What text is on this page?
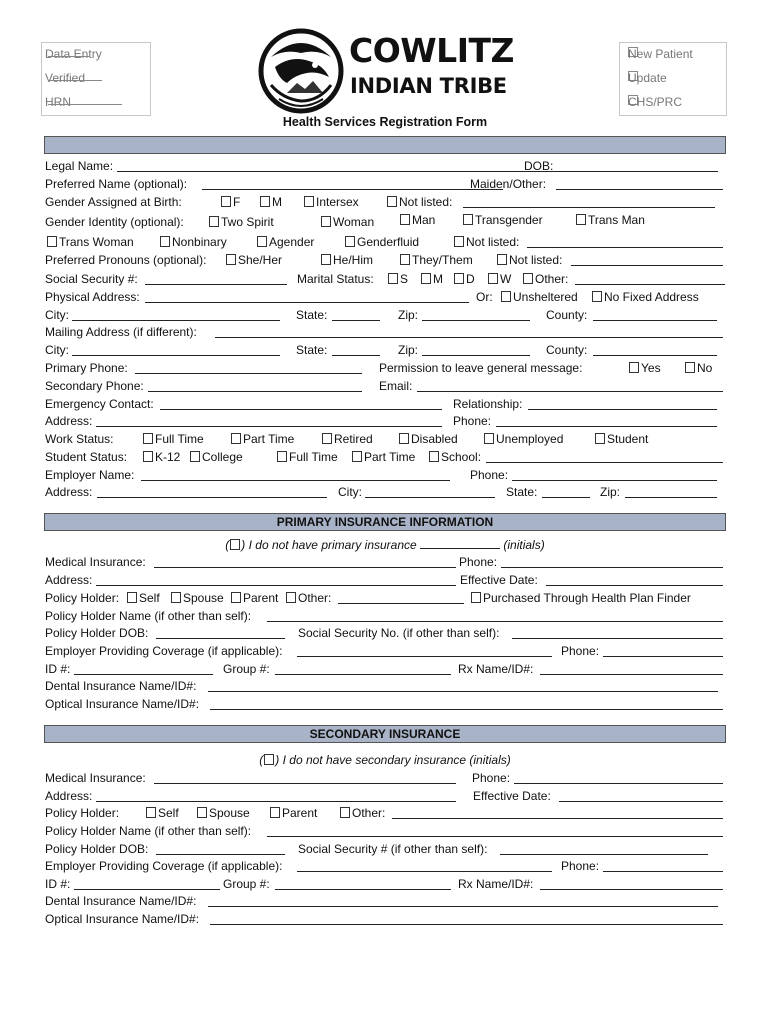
Data Entry
Verified
HRN
COWLITZ
INDIAN TRIBE
New Patient
Update
CHS/PRC
Health Services Registration Form
Legal Name:	DOB:
Preferred Name (optional):	Maiden/Other:
Gender Assigned at Birth:	F	M	Intersex	Not listed:
Gender Identity (optional):	Two Spirit	Woman	Man	Transgender	Trans Man
Trans Woman	Nonbinary	Agender	Genderfluid	Not listed:
Preferred Pronouns (optional):	She/Her	He/Him	They/Them	Not listed:
Social Security #:	Marital Status:	S	M	D	W	Other:
Physical Address:	Or:	Unsheltered	No Fixed Address
City:	State:	Zip:	County:
Mailing Address (if different):
City:	State:	Zip:	County:
Primary Phone:	Permission to leave general message:	Yes	No
Secondary Phone:	Email:
Emergency Contact:	Relationship:
Address:	Phone:
Work Status:	Full Time	Part Time	Retired	Disabled	Unemployed	Student
Student Status:	K-12	College	Full Time	Part Time	School:
Employer Name:	Phone:
Address:	City:	State:	Zip:
PRIMARY INSURANCE INFORMATION
( ) I do not have primary insurance	(initials)
Medical Insurance:	Phone:
Address:	Effective Date:
Policy Holder:	Self	Spouse	Parent	Other:	Purchased Through Health Plan Finder
Policy Holder Name (if other than self):
Policy Holder DOB:	Social Security No. (if other than self):
Employer Providing Coverage (if applicable):	Phone:
ID #:	Group #:	Rx Name/ID#:
Dental Insurance Name/ID#:
Optical Insurance Name/ID#:
SECONDARY INSURANCE
( ) I do not have secondary insurance (initials)
Medical Insurance:	Phone:
Address:	Effective Date:
Policy Holder:	Self	Spouse	Parent	Other:
Policy Holder Name (if other than self):
Policy Holder DOB:	Social Security # (if other than self):
Employer Providing Coverage (if applicable):	Phone:
ID #:	Group #:	Rx Name/ID#:
Dental Insurance Name/ID#:
Optical Insurance Name/ID#:
